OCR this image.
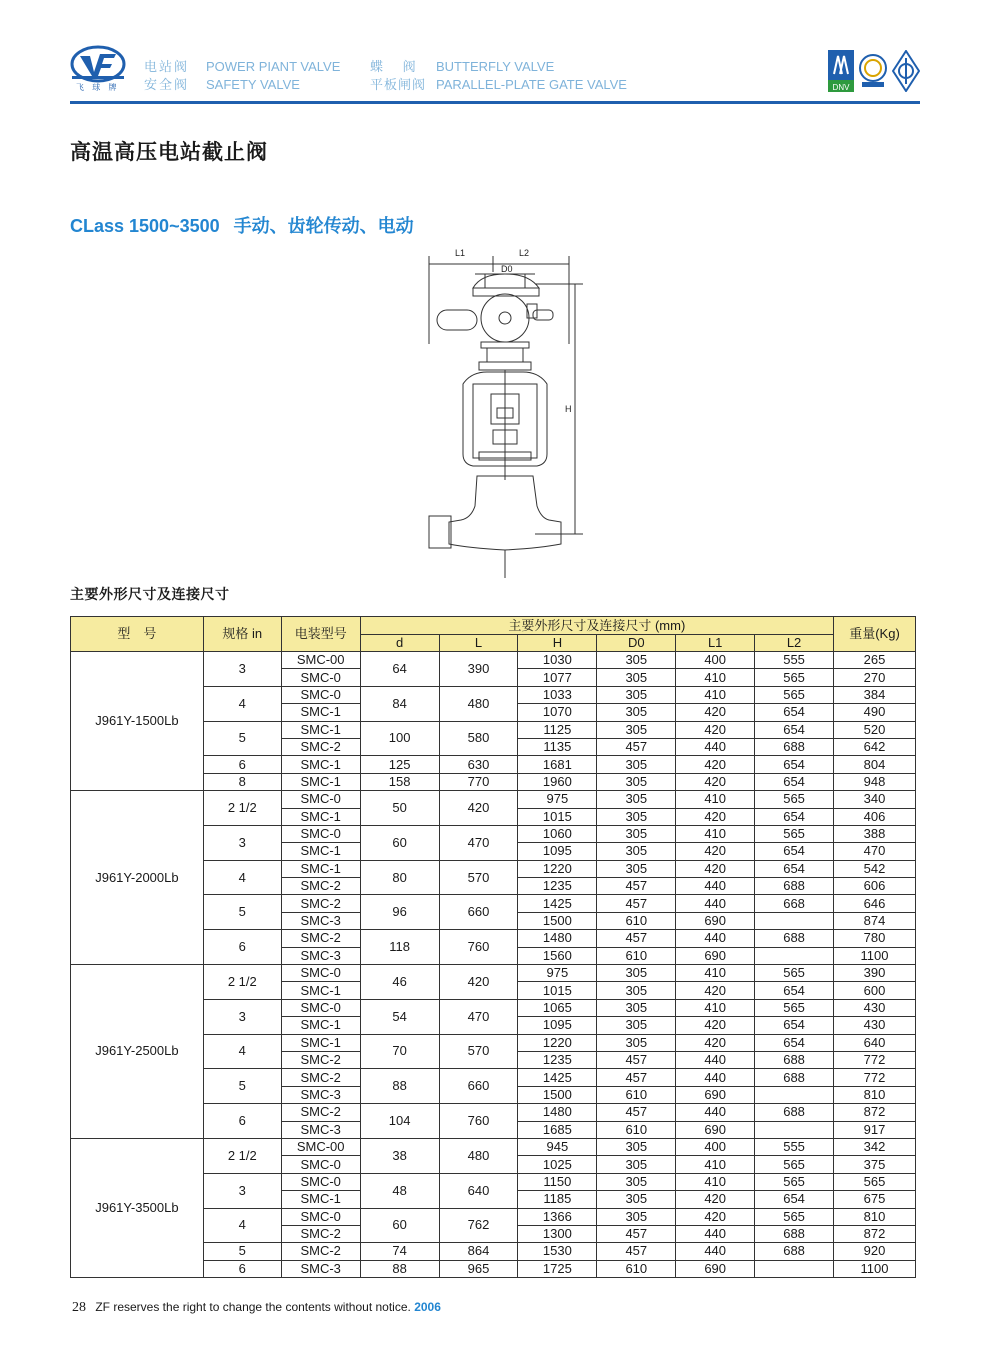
飞 球 牌
电站阀	POWER PIANT VALVE	蝶　 阀	BUTTERFLY VALVE
安全阀	SAFETY VALVE	平板闸阀 PARALLEL-PLATE GATE VALVE	DNV
高温高压电站截止阀
CLass 1500~3500 手动、齿轮传动、电动
L1	L2
D0
H
主要外形尺寸及连接尺寸
型　号	规格 in	电装型号	主要外形尺寸及连接尺寸 (mm)						重量(Kg)
			d	L	H	D0	L1	L2	
J961Y-1500Lb	3	SMC-00	64	390	1030	305	400	555	265
		SMC-0			1077	305	410	565	270
	4	SMC-0	84	480	1033	305	410	565	384
		SMC-1			1070	305	420	654	490
	5	SMC-1	100	580	1125	305	420	654	520
		SMC-2			1135	457	440	688	642
	6	SMC-1	125	630	1681	305	420	654	804
	8	SMC-1	158	770	1960	305	420	654	948
J961Y-2000Lb	2 1/2	SMC-0	50	420	975	305	410	565	340
		SMC-1			1015	305	420	654	406
	3	SMC-0	60	470	1060	305	410	565	388
		SMC-1			1095	305	420	654	470
	4	SMC-1	80	570	1220	305	420	654	542
		SMC-2			1235	457	440	688	606
	5	SMC-2	96	660	1425	457	440	668	646
		SMC-3			1500	610	690		874
	6	SMC-2	118	760	1480	457	440	688	780
		SMC-3			1560	610	690		1100
J961Y-2500Lb	2 1/2	SMC-0	46	420	975	305	410	565	390
		SMC-1			1015	305	420	654	600
	3	SMC-0	54	470	1065	305	410	565	430
		SMC-1			1095	305	420	654	430
	4	SMC-1	70	570	1220	305	420	654	640
		SMC-2			1235	457	440	688	772
	5	SMC-2	88	660	1425	457	440	688	772
		SMC-3			1500	610	690		810
	6	SMC-2	104	760	1480	457	440	688	872
		SMC-3			1685	610	690		917
J961Y-3500Lb	2 1/2	SMC-00	38	480	945	305	400	555	342
		SMC-0			1025	305	410	565	375
	3	SMC-0	48	640	1150	305	410	565	565
		SMC-1			1185	305	420	654	675
	4	SMC-0	60	762	1366	305	420	565	810
		SMC-2			1300	457	440	688	872
	5	SMC-2	74	864	1530	457	440	688	920
	6	SMC-3	88	965	1725	610	690		1100
28 ZF reserves the right to change the contents without notice. 2006
